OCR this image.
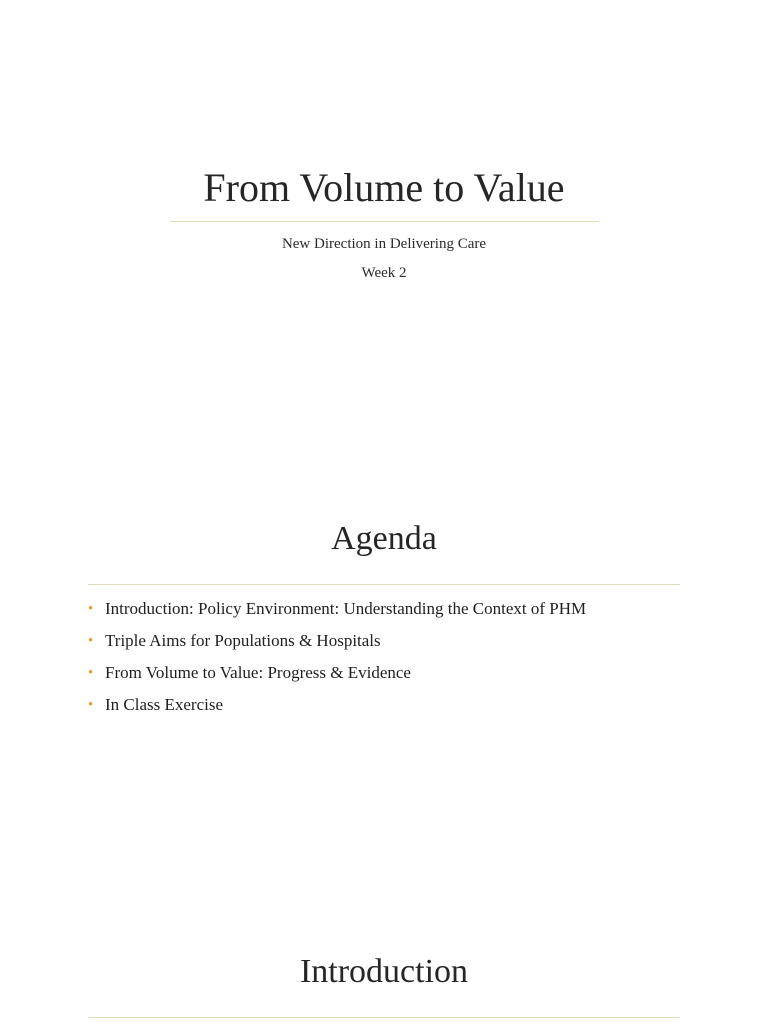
From Volume to Value
New Direction in Delivering Care
Week 2
Agenda
• Introduction: Policy Environment: Understanding the Context of PHM
• Triple Aims for Populations & Hospitals
• From Volume to Value: Progress & Evidence
• In Class Exercise
Introduction
